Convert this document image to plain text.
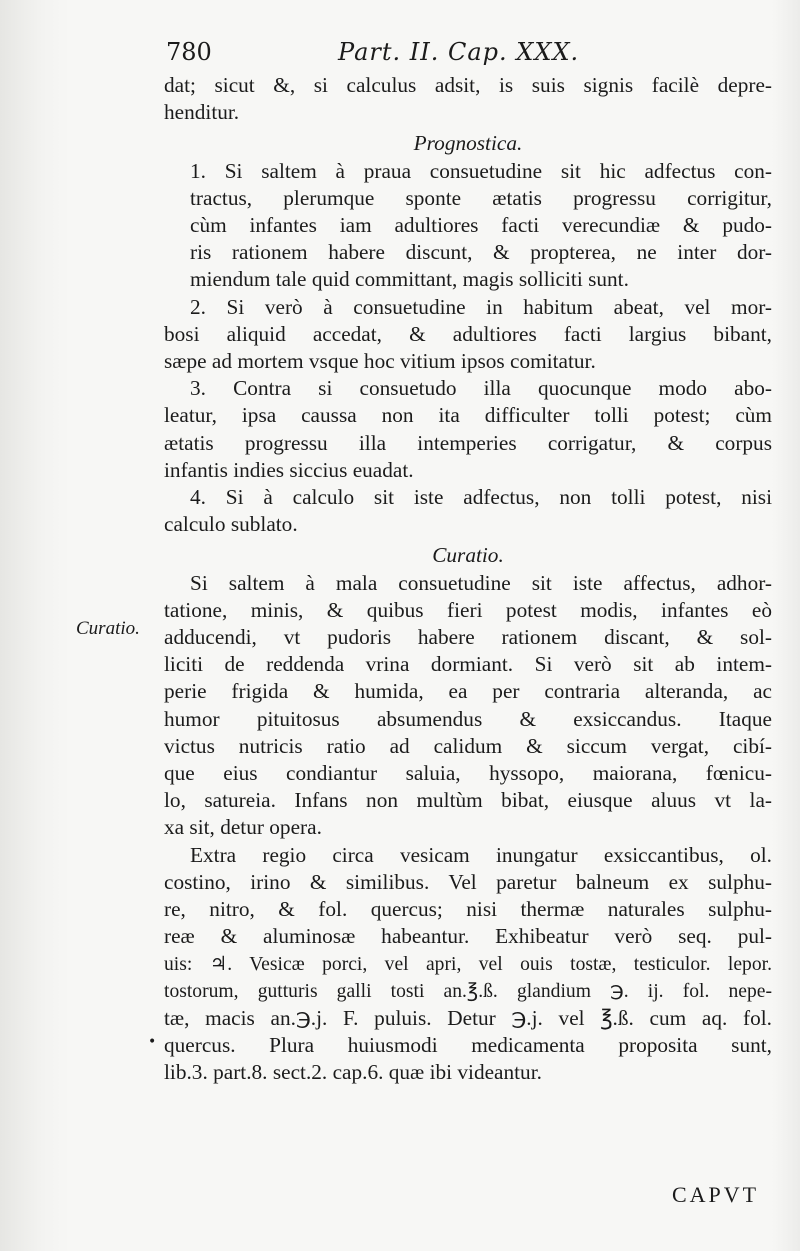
780	Part. II. Cap. XXX.
Curatio.
•

dat; sicut &, si calculus adsit, is suis signis facilè depre-
henditur.

Prognostica.

1. Si saltem à praua consuetudine sit hic adfectus con-
tractus, plerumque sponte ætatis progressu corrigitur,
cùm infantes iam adultiores facti verecundiæ & pudo-
ris rationem habere discunt, & propterea, ne inter dor-
miendum tale quid committant, magis solliciti sunt.

2. Si verò à consuetudine in habitum abeat, vel mor-
bosi aliquid accedat, & adultiores facti largius bibant,
sæpe ad mortem vsque hoc vitium ipsos comitatur.

3. Contra si consuetudo illa quocunque modo abo-
leatur, ipsa caussa non ita difficulter tolli potest; cùm
ætatis progressu illa intemperies corrigatur, & corpus
infantis indies siccius euadat.

4. Si à calculo sit iste adfectus, non tolli potest, nisi
calculo sublato.

Curatio.

Si saltem à mala consuetudine sit iste affectus, adhor-
tatione, minis, & quibus fieri potest modis, infantes eò
adducendi, vt pudoris habere rationem discant, & sol-
liciti de reddenda vrina dormiant. Si verò sit ab intem-
perie frigida & humida, ea per contraria alteranda, ac
humor pituitosus absumendus & exsiccandus. Itaque
victus nutricis ratio ad calidum & siccum vergat, cibí-
que eius condiantur saluia, hyssopo, maiorana, fœnicu-
lo, satureia. Infans non multùm bibat, eiusque aluus vt la-
xa sit, detur opera.

Extra regio circa vesicam inungatur exsiccantibus, ol.
costino, irino & similibus. Vel paretur balneum ex sulphu-
re, nitro, & fol. quercus; nisi thermæ naturales sulphu-
reæ & aluminosæ habeantur. Exhibeatur verò seq. pul-
uis: ♃. Vesicæ porci, vel apri, vel ouis tostæ, testiculor. lepor.
tostorum, gutturis galli tosti an.℥.ß. glandium ℈. ij. fol. nepe-
tæ, macis an.℈.j. F. puluis. Detur ℈.j. vel ℥.ß. cum aq. fol.
quercus. Plura huiusmodi medicamenta proposita sunt,
lib.3. part.8. sect.2. cap.6. quæ ibi videantur.

CAPVT
